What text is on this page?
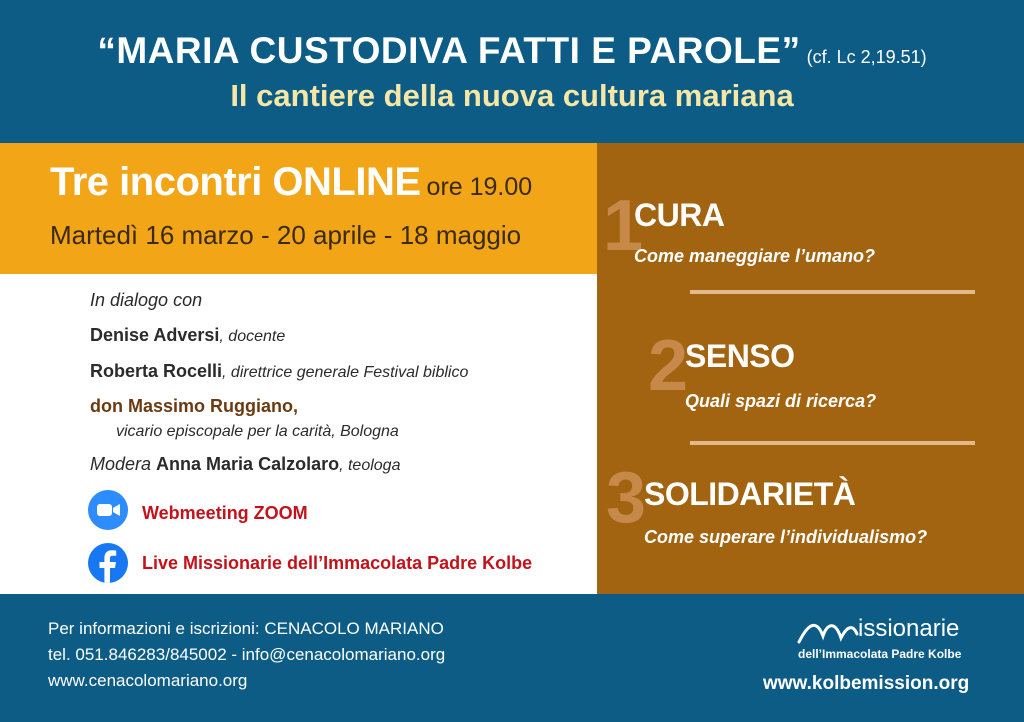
“MARIA CUSTODIVA FATTI E PAROLE” (cf. Lc 2,19.51)
Il cantiere della nuova cultura mariana
Tre incontri ONLINE ore 19.00
Martedì 16 marzo - 20 aprile - 18 maggio
In dialogo con
Denise Adversi, docente
Roberta Rocelli, direttrice generale Festival biblico
don Massimo Ruggiano,
vicario episcopale per la carità, Bologna
Modera Anna Maria Calzolaro, teologa
Webmeeting ZOOM
Live Missionarie dell’Immacolata Padre Kolbe
1
CURA
Come maneggiare l’umano?
2
SENSO
Quali spazi di ricerca?
3
SOLIDARIETÀ
Come superare l’individualismo?
Per informazioni e iscrizioni: CENACOLO MARIANO
tel. 051.846283/845002 - info@cenacolomariano.org
www.cenacolomariano.org
issionarie
dell’Immacolata Padre Kolbe
www.kolbemission.org
